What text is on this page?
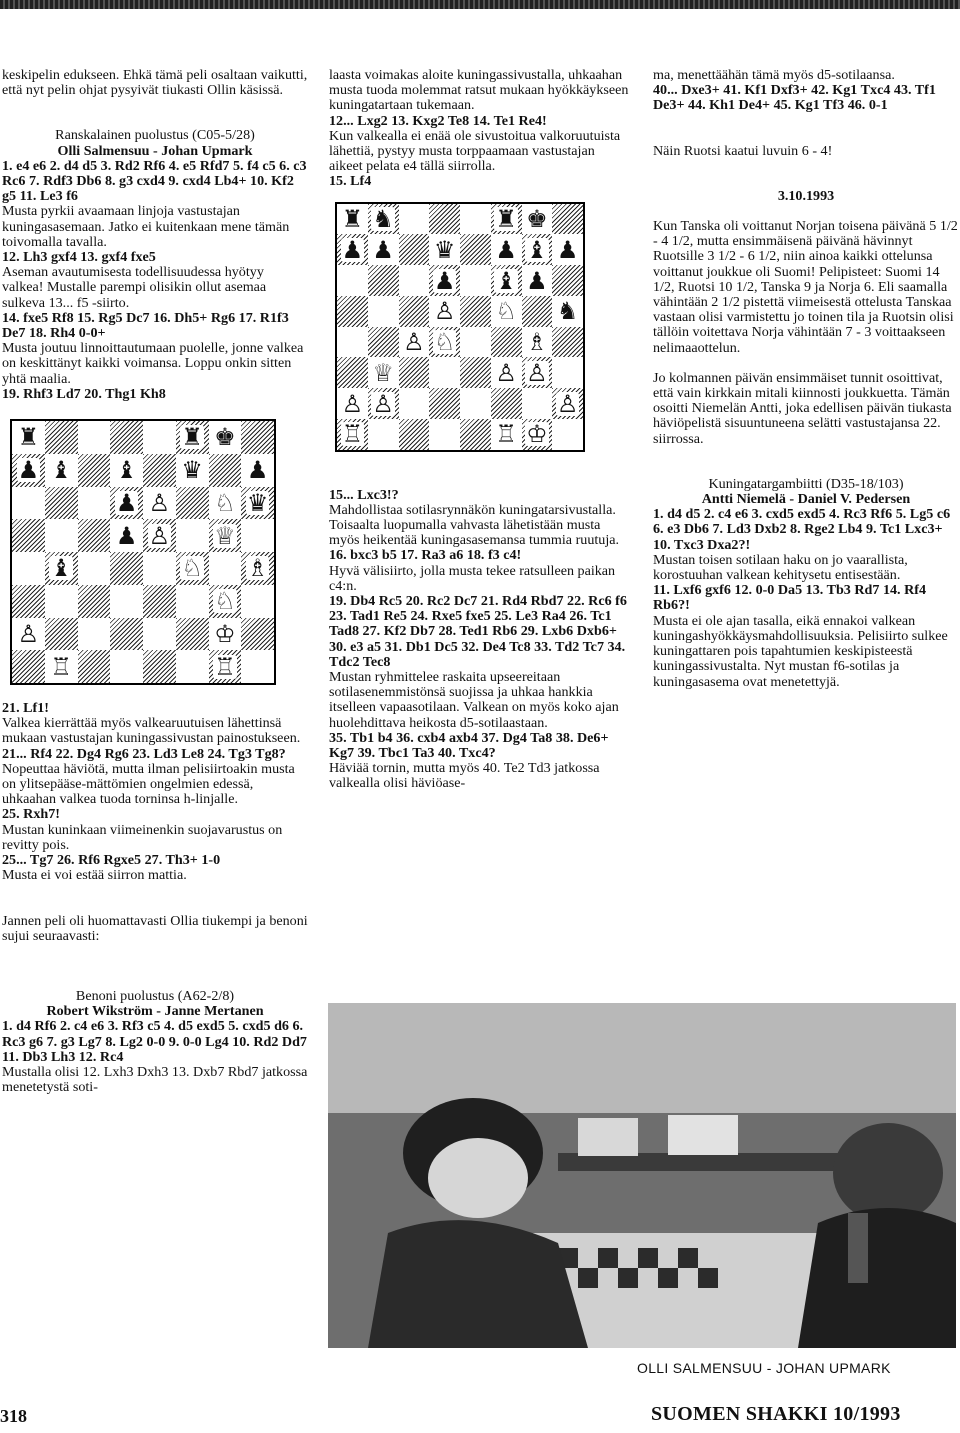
keskipelin edukseen. Ehkä tämä peli osaltaan vaikutti, että nyt pelin ohjat pysyivät tiukasti Ollin käsissä.

Ranskalainen puolustus (C05-5/28)

Olli Salmensuu - Johan Upmark

1. e4 e6 2. d4 d5 3. Rd2 Rf6 4. e5 Rfd7 5. f4 c5 6. c3 Rc6 7. Rdf3 Db6 8. g3 cxd4 9. cxd4 Lb4+ 10. Kf2 g5 11. Le3 f6

Musta pyrkii avaamaan linjoja vastustajan kuningasasemaan. Jatko ei kuitenkaan mene tämän toivomalla tavalla.

12. Lh3 gxf4 13. gxf4 fxe5

Aseman avautumisesta todellisuudessa hyötyy valkea! Mustalle parempi olisikin ollut asemaa sulkeva 13... f5 -siirto.

14. fxe5 Rf8 15. Rg5 Dc7 16. Dh5+ Rg6 17. R1f3 De7 18. Rh4 0-0+

Musta joutuu linnoittautumaan puolelle, jonne valkea on keskittänyt kaikki voimansa. Loppu onkin sitten yhtä maalia.

19. Rhf3 Ld7 20. Thg1 Kh8

♜	♜ ♚
♟ ♝ ♝ ♛ ♟
♟ ♙ ♘ ♛
♟ ♙ ♕
♝	♘ ♗
♘
♙	♔
♖	♖

21. Lf1!

Valkea kierrättää myös valkearuutuisen lähettinsä mukaan vastustajan kuningassivustan painostukseen.

21... Rf4 22. Dg4 Rg6 23. Ld3 Le8 24. Tg3 Tg8?

Nopeuttaa häviötä, mutta ilman pelisiirtoakin musta on ylitsepääse-mättömien ongelmien edessä, uhkaahan valkea tuoda torninsa h-linjalle.

25. Rxh7!

Mustan kuninkaan viimeinenkin suojavarustus on revitty pois.

25... Tg7 26. Rf6 Rgxe5 27. Th3+ 1-0

Musta ei voi estää siirron mattia.

Jannen peli oli huomattavasti Ollia tiukempi ja benoni sujui seuraavasti:

Benoni puolustus (A62-2/8)

Robert Wikström - Janne Mertanen

1. d4 Rf6 2. c4 e6 3. Rf3 c5 4. d5 exd5 5. cxd5 d6 6. Rc3 g6 7. g3 Lg7 8. Lg2 0-0 9. 0-0 Lg4 10. Rd2 Dd7 11. Db3 Lh3 12. Rc4

Mustalla olisi 12. Lxh3 Dxh3 13. Dxb7 Rbd7 jatkossa menetetystä soti-

laasta voimakas aloite kuningassivustalla, uhkaahan musta tuoda molemmat ratsut mukaan hyökkäykseen kuningatartaan tukemaan.

12... Lxg2 13. Kxg2 Te8 14. Te1 Re4!

Kun valkealla ei enää ole sivustoitua valkoruutuista lähettiä, pystyy musta torppaamaan vastustajan aikeet pelata e4 tällä siirrolla.

15. Lf4

♜ ♞	♜ ♚
♟ ♟ ♛ ♟ ♝ ♟
♟ ♝ ♟
♙ ♘ ♞
♙ ♘	♗
♕	♙ ♙
♙ ♙	♙
♖	♖ ♔

15... Lxc3!?

Mahdollistaa sotilasrynnäkön kuningatarsivustalla. Toisaalta luopumalla vahvasta lähetistään musta myös heikentää kuningasasemansa tummia ruutuja.

16. bxc3 b5 17. Ra3 a6 18. f3 c4!

Hyvä välisiirto, jolla musta tekee ratsulleen paikan c4:n.

19. Db4 Rc5 20. Rc2 Dc7 21. Rd4 Rbd7 22. Rc6 f6 23. Tad1 Re5 24. Rxe5 fxe5 25. Le3 Ra4 26. Tc1 Tad8 27. Kf2 Db7 28. Ted1 Rb6 29. Lxb6 Dxb6+ 30. e3 a5 31. Db1 Dc5 32. De4 Tc8 33. Td2 Tc7 34. Tdc2 Tec8

Mustan ryhmittelee raskaita upseereitaan sotilasenemmistönsä suojissa ja uhkaa hankkia itselleen vapaasotilaan. Valkean on myös koko ajan huolehdittava heikosta d5-sotilaastaan.

35. Tb1 b4 36. cxb4 axb4 37. Dg4 Ta8 38. De6+ Kg7 39. Tbc1 Ta3 40. Txc4?

Häviää tornin, mutta myös 40. Te2 Td3 jatkossa valkealla olisi häviöase-

ma, menettäähän tämä myös d5-sotilaansa.

40... Dxe3+ 41. Kf1 Dxf3+ 42. Kg1 Txc4 43. Tf1 De3+ 44. Kh1 De4+ 45. Kg1 Tf3 46. 0-1

Näin Ruotsi kaatui luvuin 6 - 4!

3.10.1993

Kun Tanska oli voittanut Norjan toisena päivänä 5 1/2 - 4 1/2, mutta ensimmäisenä päivänä hävinnyt Ruotsille 3 1/2 - 6 1/2, niin ainoa kaikki ottelunsa voittanut joukkue oli Suomi! Pelipisteet: Suomi 14 1/2, Ruotsi 10 1/2, Tanska 9 ja Norja 6. Eli saamalla vähintään 2 1/2 pistettä viimeisestä ottelusta Tanskaa vastaan olisi varmistettu jo toinen tila ja Ruotsin olisi tällöin voitettava Norja vähintään 7 - 3 voittaakseen nelimaaottelun.

Jo kolmannen päivän ensimmäiset tunnit osoittivat, että vain kirkkain mitali kiinnosti joukkuetta. Tämän osoitti Niemelän Antti, joka edellisen päivän tiukasta häviöpelistä sisuuntuneena selätti vastustajansa 22. siirrossa.

Kuningatargambiitti (D35-18/103)

Antti Niemelä - Daniel V. Pedersen

1. d4 d5 2. c4 e6 3. cxd5 exd5 4. Rc3 Rf6 5. Lg5 c6 6. e3 Db6 7. Ld3 Dxb2 8. Rge2 Lb4 9. Tc1 Lxc3+ 10. Txc3 Dxa2?!

Mustan toisen sotilaan haku on jo vaarallista, korostuuhan valkean kehitysetu entisestään.

11. Lxf6 gxf6 12. 0-0 Da5 13. Tb3 Rd7 14. Rf4 Rb6?!

Musta ei ole ajan tasalla, eikä ennakoi valkean kuningashyökkäysmahdollisuuksia. Pelisiirto sulkee kuningattaren pois tapahtumien keskipisteestä kuningassivustalta. Nyt mustan f6-sotilas ja kuningasasema ovat menetettyjä.

OLLI SALMENSUU - JOHAN UPMARK
318	SUOMEN SHAKKI 10/1993
